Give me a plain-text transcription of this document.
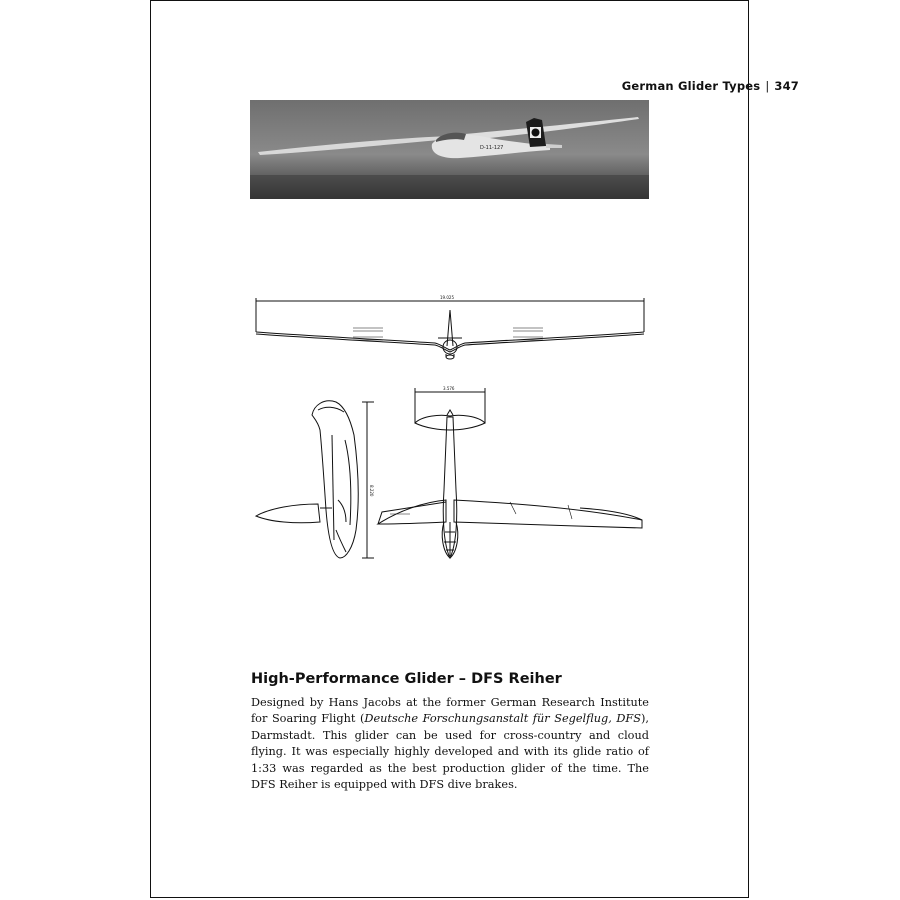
German Glider Types | 347
D-11-127
19.025
3.576
8.220
High-Performance Glider – DFS Reiher

Designed by Hans Jacobs at the former German Research Institute for Soaring Flight (Deutsche Forschungsanstalt für Segelflug, DFS), Darmstadt. This glider can be used for cross-country and cloud flying. It was especially highly developed and with its glide ratio of 1:33 was regarded as the best production glider of the time. The DFS Reiher is equipped with DFS dive brakes.
